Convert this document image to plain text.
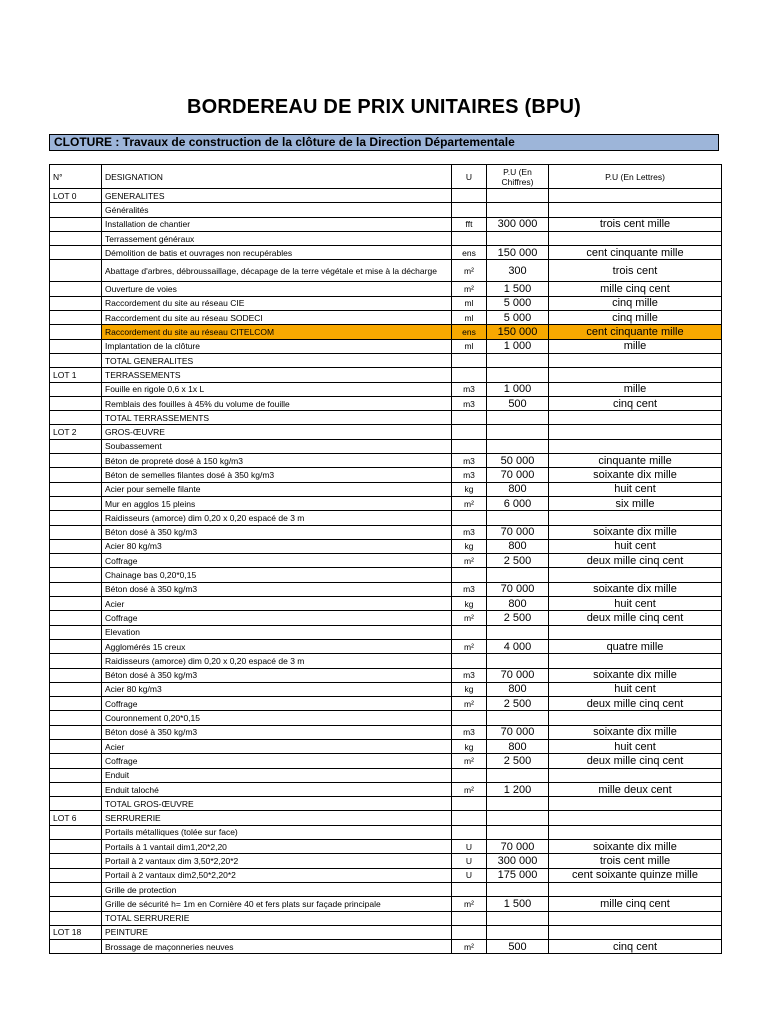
BORDEREAU DE PRIX UNITAIRES (BPU)
CLOTURE : Travaux de construction de la clôture de la Direction Départementale
N°	DESIGNATION	U	P.U (En Chiffres)	P.U (En Lettres)
LOT 0	GENERALITES			
	Généralités			
	Installation de chantier	fft	300 000	trois cent mille
	Terrassement généraux			
	Démolition de batis et ouvrages non recupérables	ens	150 000	cent cinquante mille
	Abattage d'arbres, débroussaillage, décapage de la terre végétale et mise à la décharge	m²	300	trois cent
	Ouverture de voies	m²	1 500	mille cinq cent
	Raccordement du site au réseau CIE	ml	5 000	cinq mille
	Raccordement du site au réseau SODECI	ml	5 000	cinq mille
	Raccordement du site au réseau CITELCOM	ens	150 000	cent cinquante mille
	Implantation de la clôture	ml	1 000	mille
	TOTAL GENERALITES			
LOT 1	TERRASSEMENTS			
	Fouille en rigole 0,6 x 1x L	m3	1 000	mille
	Remblais des fouilles à 45% du volume de fouille	m3	500	cinq cent
	TOTAL TERRASSEMENTS			
LOT 2	GROS-ŒUVRE			
	Soubassement			
	Béton de propreté dosé à 150 kg/m3	m3	50 000	cinquante mille
	Béton de semelles filantes dosé à 350 kg/m3	m3	70 000	soixante dix mille
	Acier pour semelle filante	kg	800	huit cent
	Mur en agglos 15 pleins	m²	6 000	six mille
	Raidisseurs (amorce) dim 0,20 x 0,20 espacé de 3 m			
	Béton dosé à 350 kg/m3	m3	70 000	soixante dix mille
	Acier 80 kg/m3	kg	800	huit cent
	Coffrage	m²	2 500	deux mille cinq cent
	Chainage bas 0,20*0,15			
	Béton dosé à 350 kg/m3	m3	70 000	soixante dix mille
	Acier	kg	800	huit cent
	Coffrage	m²	2 500	deux mille cinq cent
	Elevation			
	Agglomérés 15 creux	m²	4 000	quatre mille
	Raidisseurs (amorce) dim 0,20 x 0,20 espacé de 3 m			
	Béton dosé à 350 kg/m3	m3	70 000	soixante dix mille
	Acier 80 kg/m3	kg	800	huit cent
	Coffrage	m²	2 500	deux mille cinq cent
	Couronnement 0,20*0,15			
	Béton dosé à 350 kg/m3	m3	70 000	soixante dix mille
	Acier	kg	800	huit cent
	Coffrage	m²	2 500	deux mille cinq cent
	Enduit			
	Enduit taloché	m²	1 200	mille deux cent
	TOTAL GROS-ŒUVRE			
LOT 6	SERRURERIE			
	Portails métalliques (tolée sur face)			
	Portails à 1 vantail dim1,20*2,20	U	70 000	soixante dix mille
	Portail à 2 vantaux dim 3,50*2,20*2	U	300 000	trois cent mille
	Portail à 2 vantaux dim2,50*2,20*2	U	175 000	cent soixante quinze mille
	Grille de protection			
	Grille de sécurité h= 1m en Cornière 40 et fers plats sur façade principale	m²	1 500	mille cinq cent
	TOTAL SERRURERIE			
LOT 18	PEINTURE			
	Brossage de maçonneries neuves	m²	500	cinq cent
